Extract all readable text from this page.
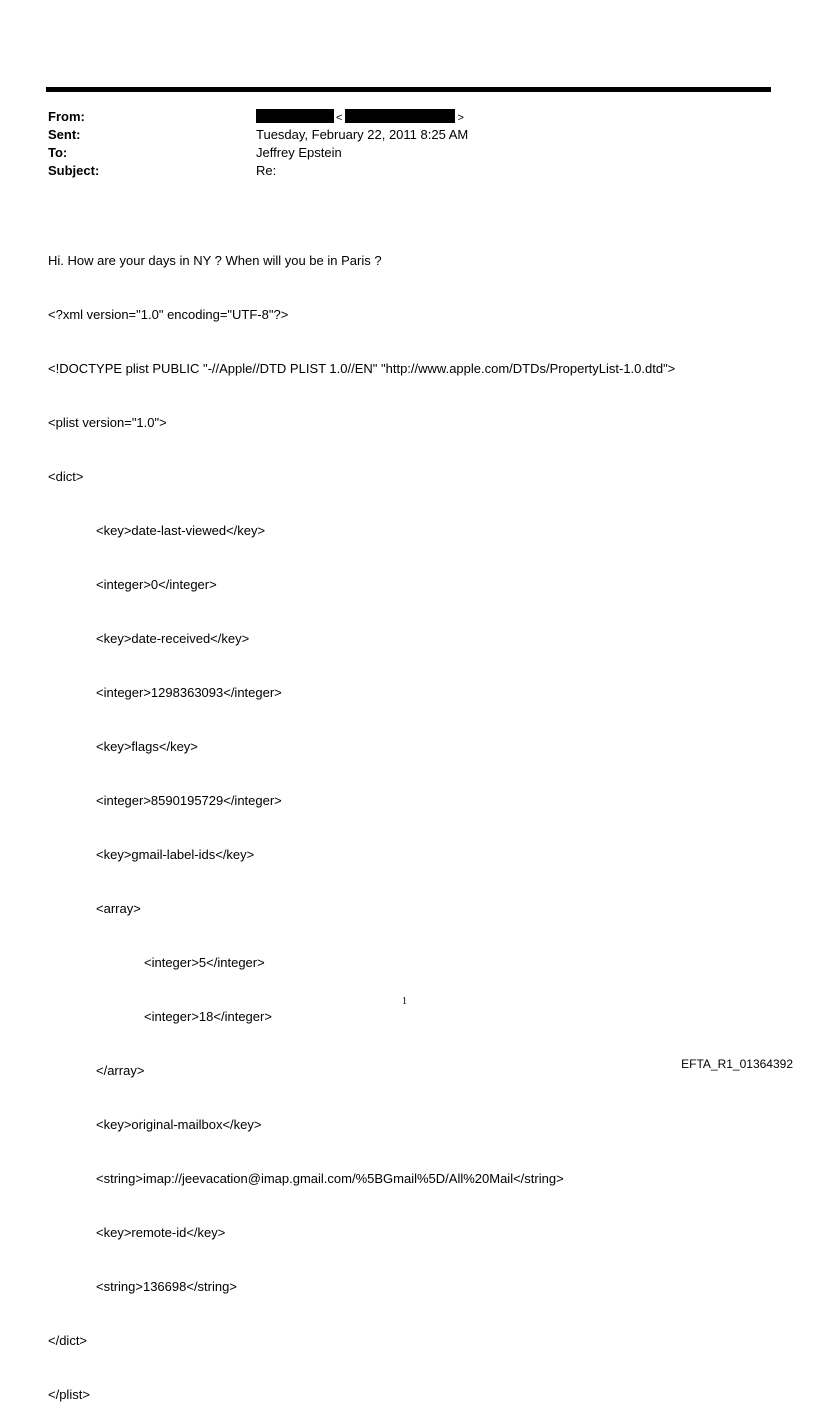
From:	<	>
Sent:	Tuesday, February 22, 2011 8:25 AM
To:	Jeffrey Epstein
Subject:	Re:

Hi. How are your days in NY ? When will you be in Paris ?

<?xml version="1.0" encoding="UTF-8"?>

<!DOCTYPE plist PUBLIC "-//Apple//DTD PLIST 1.0//EN" "http://www.apple.com/DTDs/PropertyList-1.0.dtd">

<plist version="1.0">

<dict>

<key>date-last-viewed</key>

<integer>0</integer>

<key>date-received</key>

<integer>1298363093</integer>

<key>flags</key>

<integer>8590195729</integer>

<key>gmail-label-ids</key>

<array>

<integer>5</integer>

<integer>18</integer>

</array>

<key>original-mailbox</key>

<string>imap://jeevacation@imap.gmail.com/%5BGmail%5D/All%20Mail</string>

<key>remote-id</key>

<string>136698</string>

</dict>

</plist>

1
EFTA_R1_01364392
